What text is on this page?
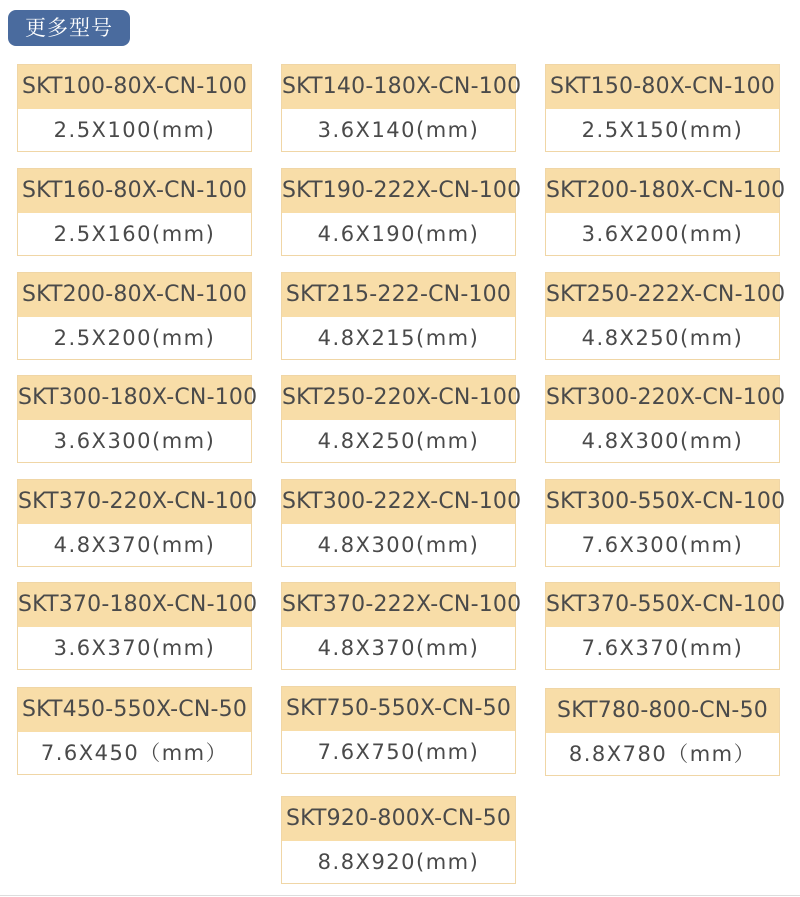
更多型号
SKT100-80X-CN-100
2.5X100(mm)
SKT140-180X-CN-100
3.6X140(mm)
SKT150-80X-CN-100
2.5X150(mm)
SKT160-80X-CN-100
2.5X160(mm)
SKT190-222X-CN-100
4.6X190(mm)
SKT200-180X-CN-100
3.6X200(mm)
SKT200-80X-CN-100
2.5X200(mm)
SKT215-222-CN-100
4.8X215(mm)
SKT250-222X-CN-100
4.8X250(mm)
SKT300-180X-CN-100
3.6X300(mm)
SKT250-220X-CN-100
4.8X250(mm)
SKT300-220X-CN-100
4.8X300(mm)
SKT370-220X-CN-100
4.8X370(mm)
SKT300-222X-CN-100
4.8X300(mm)
SKT300-550X-CN-100
7.6X300(mm)
SKT370-180X-CN-100
3.6X370(mm)
SKT370-222X-CN-100
4.8X370(mm)
SKT370-550X-CN-100
7.6X370(mm)
SKT450-550X-CN-50
7.6X450（mm）
SKT750-550X-CN-50
7.6X750(mm)
SKT780-800-CN-50
8.8X780（mm）
SKT920-800X-CN-50
8.8X920(mm)
